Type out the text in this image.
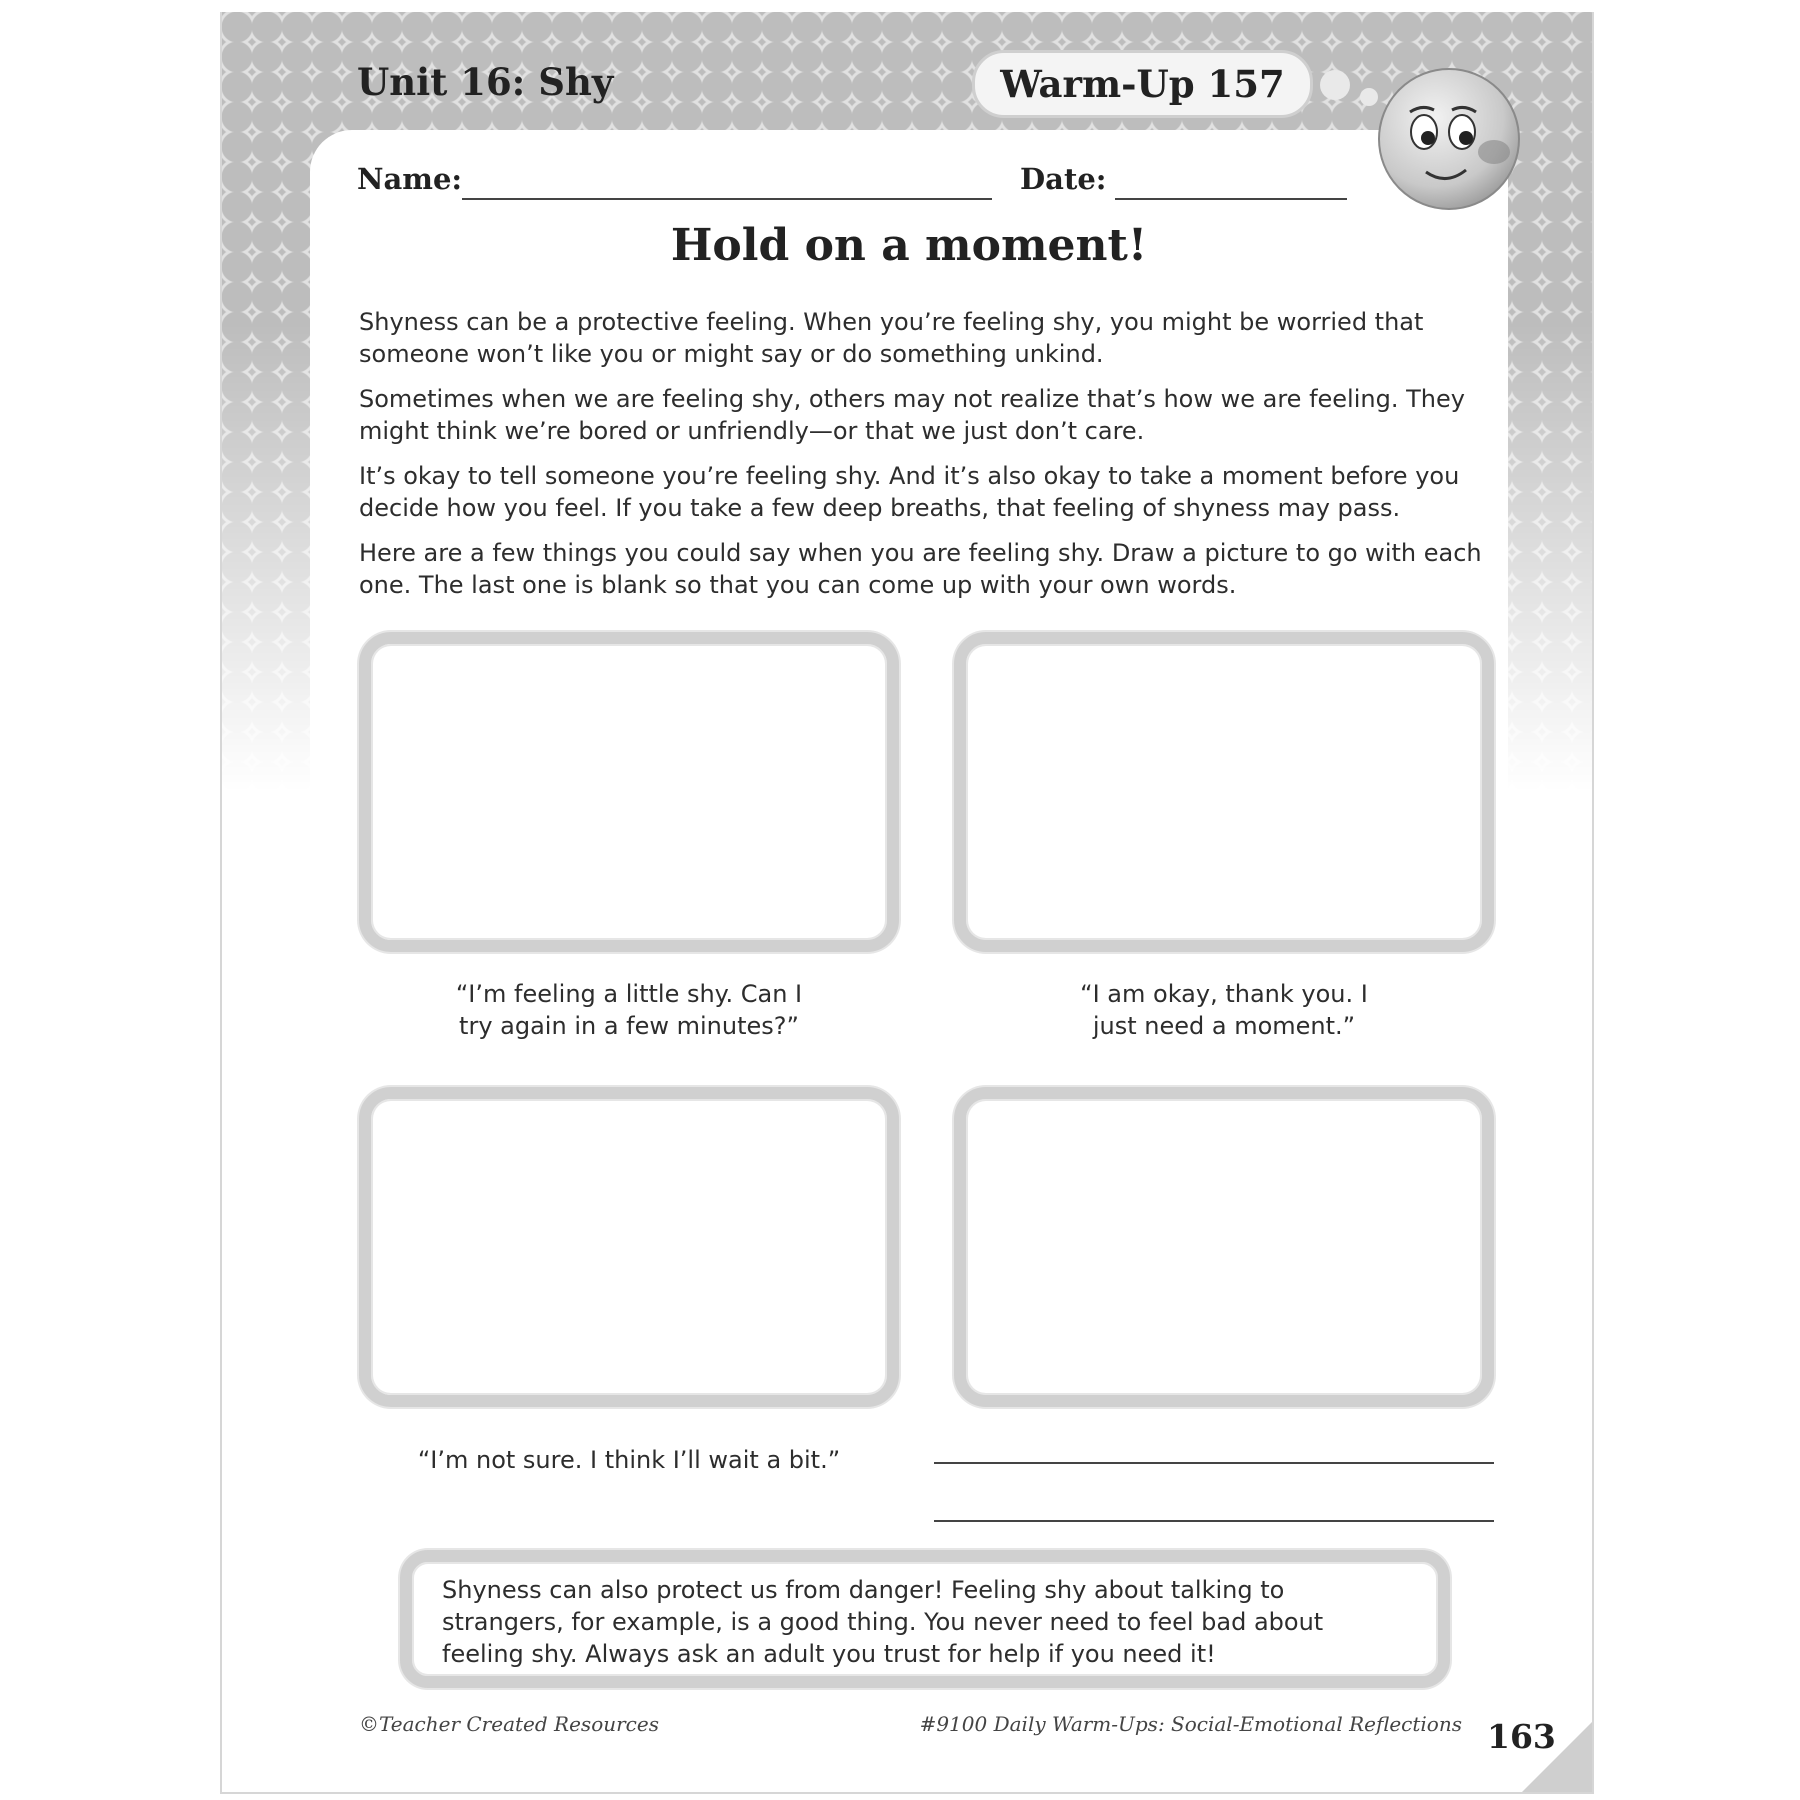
Unit 16: Shy	Warm-Up 157

Name:	Date:

Hold on a moment!

Shyness can be a protective feeling. When you’re feeling shy, you might be worried that someone won’t like you or might say or do something unkind.

Sometimes when we are feeling shy, others may not realize that’s how we are feeling. They might think we’re bored or unfriendly—or that we just don’t care.

It’s okay to tell someone you’re feeling shy. And it’s also okay to take a moment before you decide how you feel. If you take a few deep breaths, that feeling of shyness may pass.

Here are a few things you could say when you are feeling shy. Draw a picture to go with each one. The last one is blank so that you can come up with your own words.

“I’m feeling a little shy. Can I try again in a few minutes?”

“I am okay, thank you. I just need a moment.”

“I’m not sure. I think I’ll wait a bit.”

Shyness can also protect us from danger! Feeling shy about talking to strangers, for example, is a good thing. You never need to feel bad about feeling shy. Always ask an adult you trust for help if you need it!

©Teacher Created Resources	#9100 Daily Warm-Ups: Social-Emotional Reflections 163
